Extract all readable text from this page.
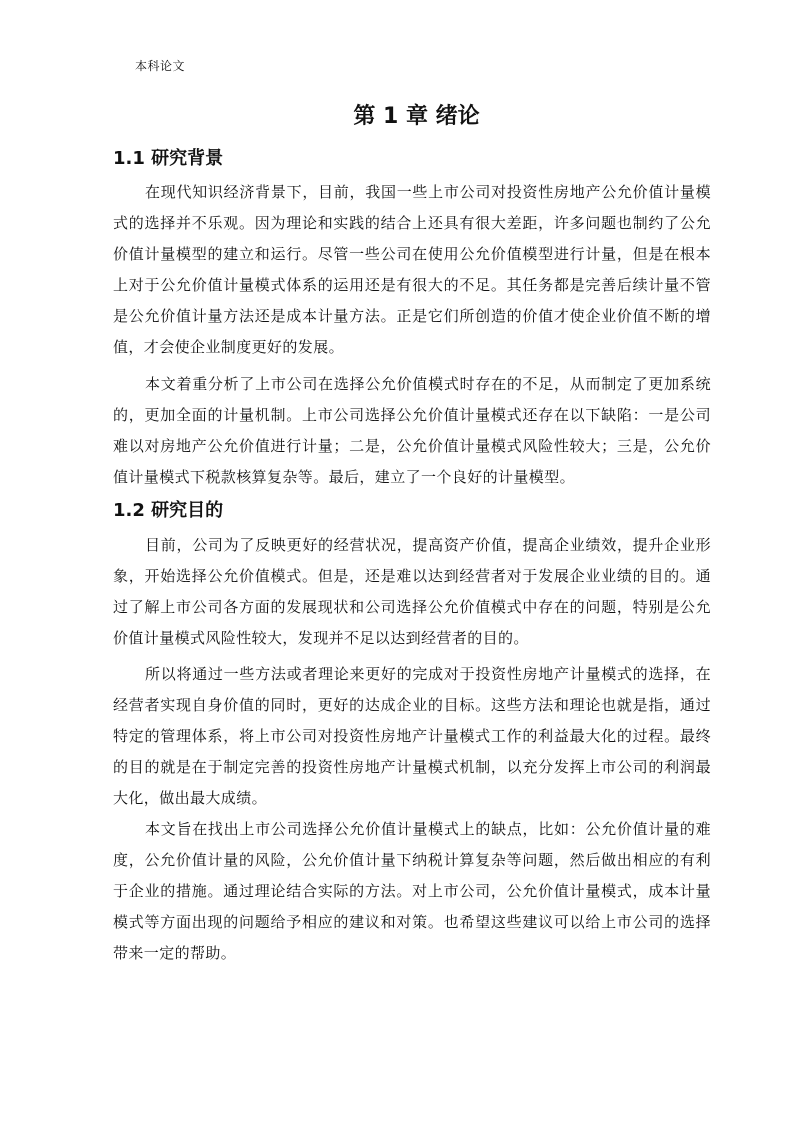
本科论文
第 1 章 绪论
1.1 研究背景

在现代知识经济背景下，目前，我国一些上市公司对投资性房地产公允价值计量模式的选择并不乐观。因为理论和实践的结合上还具有很大差距，许多问题也制约了公允价值计量模型的建立和运行。尽管一些公司在使用公允价值模型进行计量，但是在根本上对于公允价值计量模式体系的运用还是有很大的不足。其任务都是完善后续计量不管是公允价值计量方法还是成本计量方法。正是它们所创造的价值才使企业价值不断的增值，才会使企业制度更好的发展。

本文着重分析了上市公司在选择公允价值模式时存在的不足，从而制定了更加系统的，更加全面的计量机制。上市公司选择公允价值计量模式还存在以下缺陷：一是公司难以对房地产公允价值进行计量；二是，公允价值计量模式风险性较大；三是，公允价值计量模式下税款核算复杂等。最后，建立了一个良好的计量模型。

1.2 研究目的

目前，公司为了反映更好的经营状况，提高资产价值，提高企业绩效，提升企业形象，开始选择公允价值模式。但是，还是难以达到经营者对于发展企业业绩的目的。通过了解上市公司各方面的发展现状和公司选择公允价值模式中存在的问题，特别是公允价值计量模式风险性较大，发现并不足以达到经营者的目的。

所以将通过一些方法或者理论来更好的完成对于投资性房地产计量模式的选择，在经营者实现自身价值的同时，更好的达成企业的目标。这些方法和理论也就是指，通过特定的管理体系，将上市公司对投资性房地产计量模式工作的利益最大化的过程。最终的目的就是在于制定完善的投资性房地产计量模式机制，以充分发挥上市公司的利润最大化，做出最大成绩。

本文旨在找出上市公司选择公允价值计量模式上的缺点，比如：公允价值计量的难度，公允价值计量的风险，公允价值计量下纳税计算复杂等问题，然后做出相应的有利于企业的措施。通过理论结合实际的方法。对上市公司，公允价值计量模式，成本计量模式等方面出现的问题给予相应的建议和对策。也希望这些建议可以给上市公司的选择带来一定的帮助。
